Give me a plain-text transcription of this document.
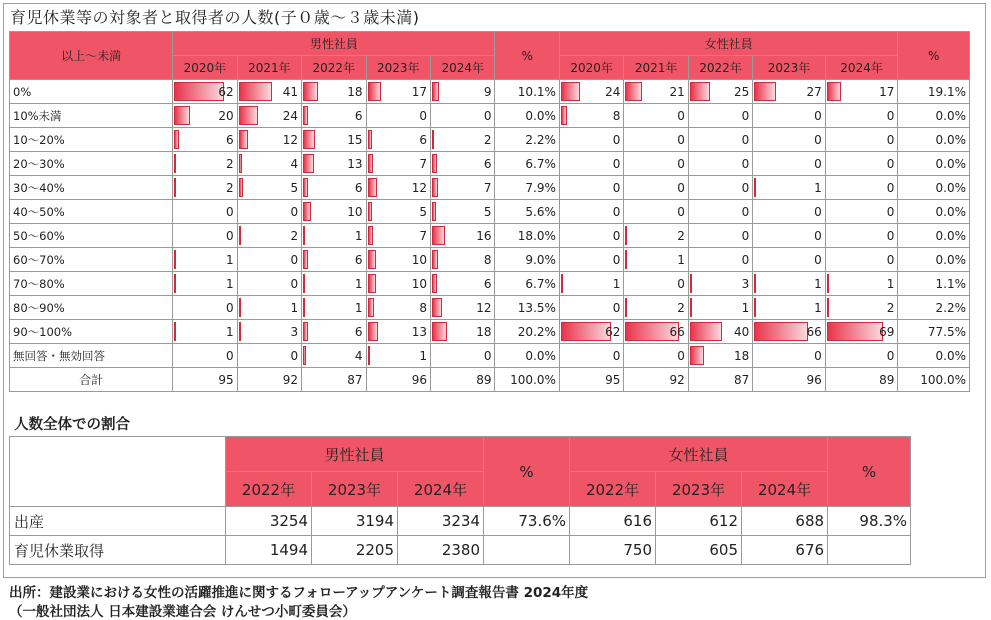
育児休業等の対象者と取得者の人数(子０歳～３歳未満)
以上～未満	男性社員					%	女性社員					%
	2020年	2021年	2022年	2023年	2024年		2020年	2021年	2022年	2023年	2024年	
0%	62	41	18	17	9	10.1%	24	21	25	27	17	19.1%
10%未満	20	24	6	0	0	0.0%	8	0	0	0	0	0.0%
10～20%	6	12	15	6	2	2.2%	0	0	0	0	0	0.0%
20～30%	2	4	13	7	6	6.7%	0	0	0	0	0	0.0%
30～40%	2	5	6	12	7	7.9%	0	0	0	1	0	0.0%
40～50%	0	0	10	5	5	5.6%	0	0	0	0	0	0.0%
50～60%	0	2	1	7	16	18.0%	0	2	0	0	0	0.0%
60～70%	1	0	6	10	8	9.0%	0	1	0	0	0	0.0%
70～80%	1	0	1	10	6	6.7%	1	0	3	1	1	1.1%
80～90%	0	1	1	8	12	13.5%	0	2	1	1	2	2.2%
90～100%	1	3	6	13	18	20.2%	62	66	40	66	69	77.5%
無回答・無効回答	0	0	4	1	0	0.0%	0	0	18	0	0	0.0%
合計	95	92	87	96	89	100.0%	95	92	87	96	89	100.0%
人数全体での割合
	男性社員			%	女性社員			%
	2022年	2023年	2024年		2022年	2023年	2024年	
出産	3254	3194	3234	73.6%	616	612	688	98.3%
育児休業取得	1494	2205	2380		750	605	676	
出所：建設業における女性の活躍推進に関するフォローアップアンケート調査報告書 2024年度
（一般社団法人 日本建設業連合会 けんせつ小町委員会）
